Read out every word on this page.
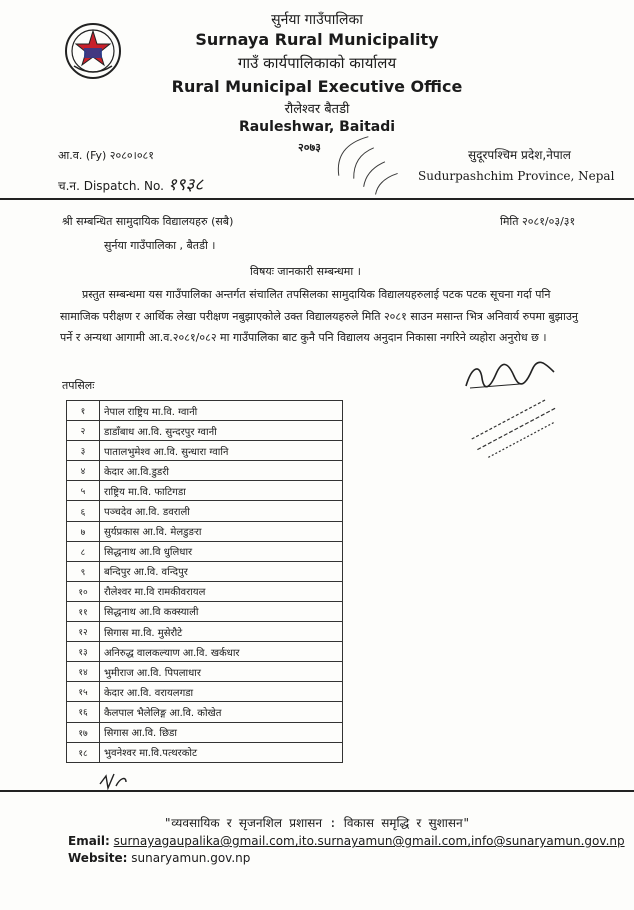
सुर्नया गाउँपालिका
Surnaya Rural Municipality
गाउँ कार्यपालिकाको कार्यालय
Rural Municipal Executive Office
रौलेश्वर बैतडी
Rauleshwar, Baitadi
२०७३
आ.व. (Fy) २०८०।०८१
च.न. Dispatch. No. १९३८
सुदूरपश्चिम प्रदेश,नेपाल
Sudurpashchim Province, Nepal
श्री सम्बन्धित सामुदायिक विद्यालयहरु (सबै)
सुर्नया गाउँपालिका , बैतडी ।
मिति २०८१/०३/३१
विषयः जानकारी सम्बन्धमा ।
प्रस्तुत सम्बन्धमा यस गाउँपालिका अन्तर्गत संचालित तपसिलका सामुदायिक विद्यालयहरुलाई पटक पटक सूचना गर्दा पनि सामाजिक परीक्षण र आर्थिक लेखा परीक्षण नबुझाएकोले उक्त विद्यालयहरुले मिति २०८१ साउन मसान्त भित्र अनिवार्य रुपमा बुझाउनु पर्ने र अन्यथा आगामी आ.व.२०८१/०८२ मा गाउँपालिका बाट कुनै पनि विद्यालय अनुदान निकासा नगरिने व्यहोरा अनुरोध छ ।
तपसिलः
१	नेपाल राष्ट्रिय मा.वि. ग्वानी
२	डाडाँबाध आ.वि. सुन्दरपुर ग्वानी
३	पातालभुमेश्व आ.वि. सुन्धारा ग्वानि
४	केदार आ.वि.डुडरी
५	राष्ट्रिय मा.वि. फाटिगडा
६	पञ्चदेव आ.वि. डवराली
७	सुर्यप्रकास आ.वि. मेलडुङरा
८	सिद्धनाथ आ.वि धुलिधार
९	बन्दिपुर आ.वि. वन्दिपुर
१०	रौलेश्वर मा.वि रामकीवरायल
११	सिद्धनाथ आ.वि कक्स्याली
१२	सिगास मा.वि. मुसेरौटे
१३	अनिरुद्ध वालकल्याण आ.वि. खर्कधार
१४	भुमीराज आ.वि. पिपलाधार
१५	केदार आ.वि. वरायलगडा
१६	कैलपाल भैलेलिङ्ग आ.वि. कोखेत
१७	सिगास आ.वि. छिडा
१८	भुवनेश्वर मा.वि.पत्थरकोट
"व्यवसायिक र सृजनशिल प्रशासन : विकास समृद्धि र सुशासन"
Email: surnayagaupalika@gmail.com,ito.surnayamun@gmail.com,info@sunaryamun.gov.np
Website: sunaryamun.gov.np
